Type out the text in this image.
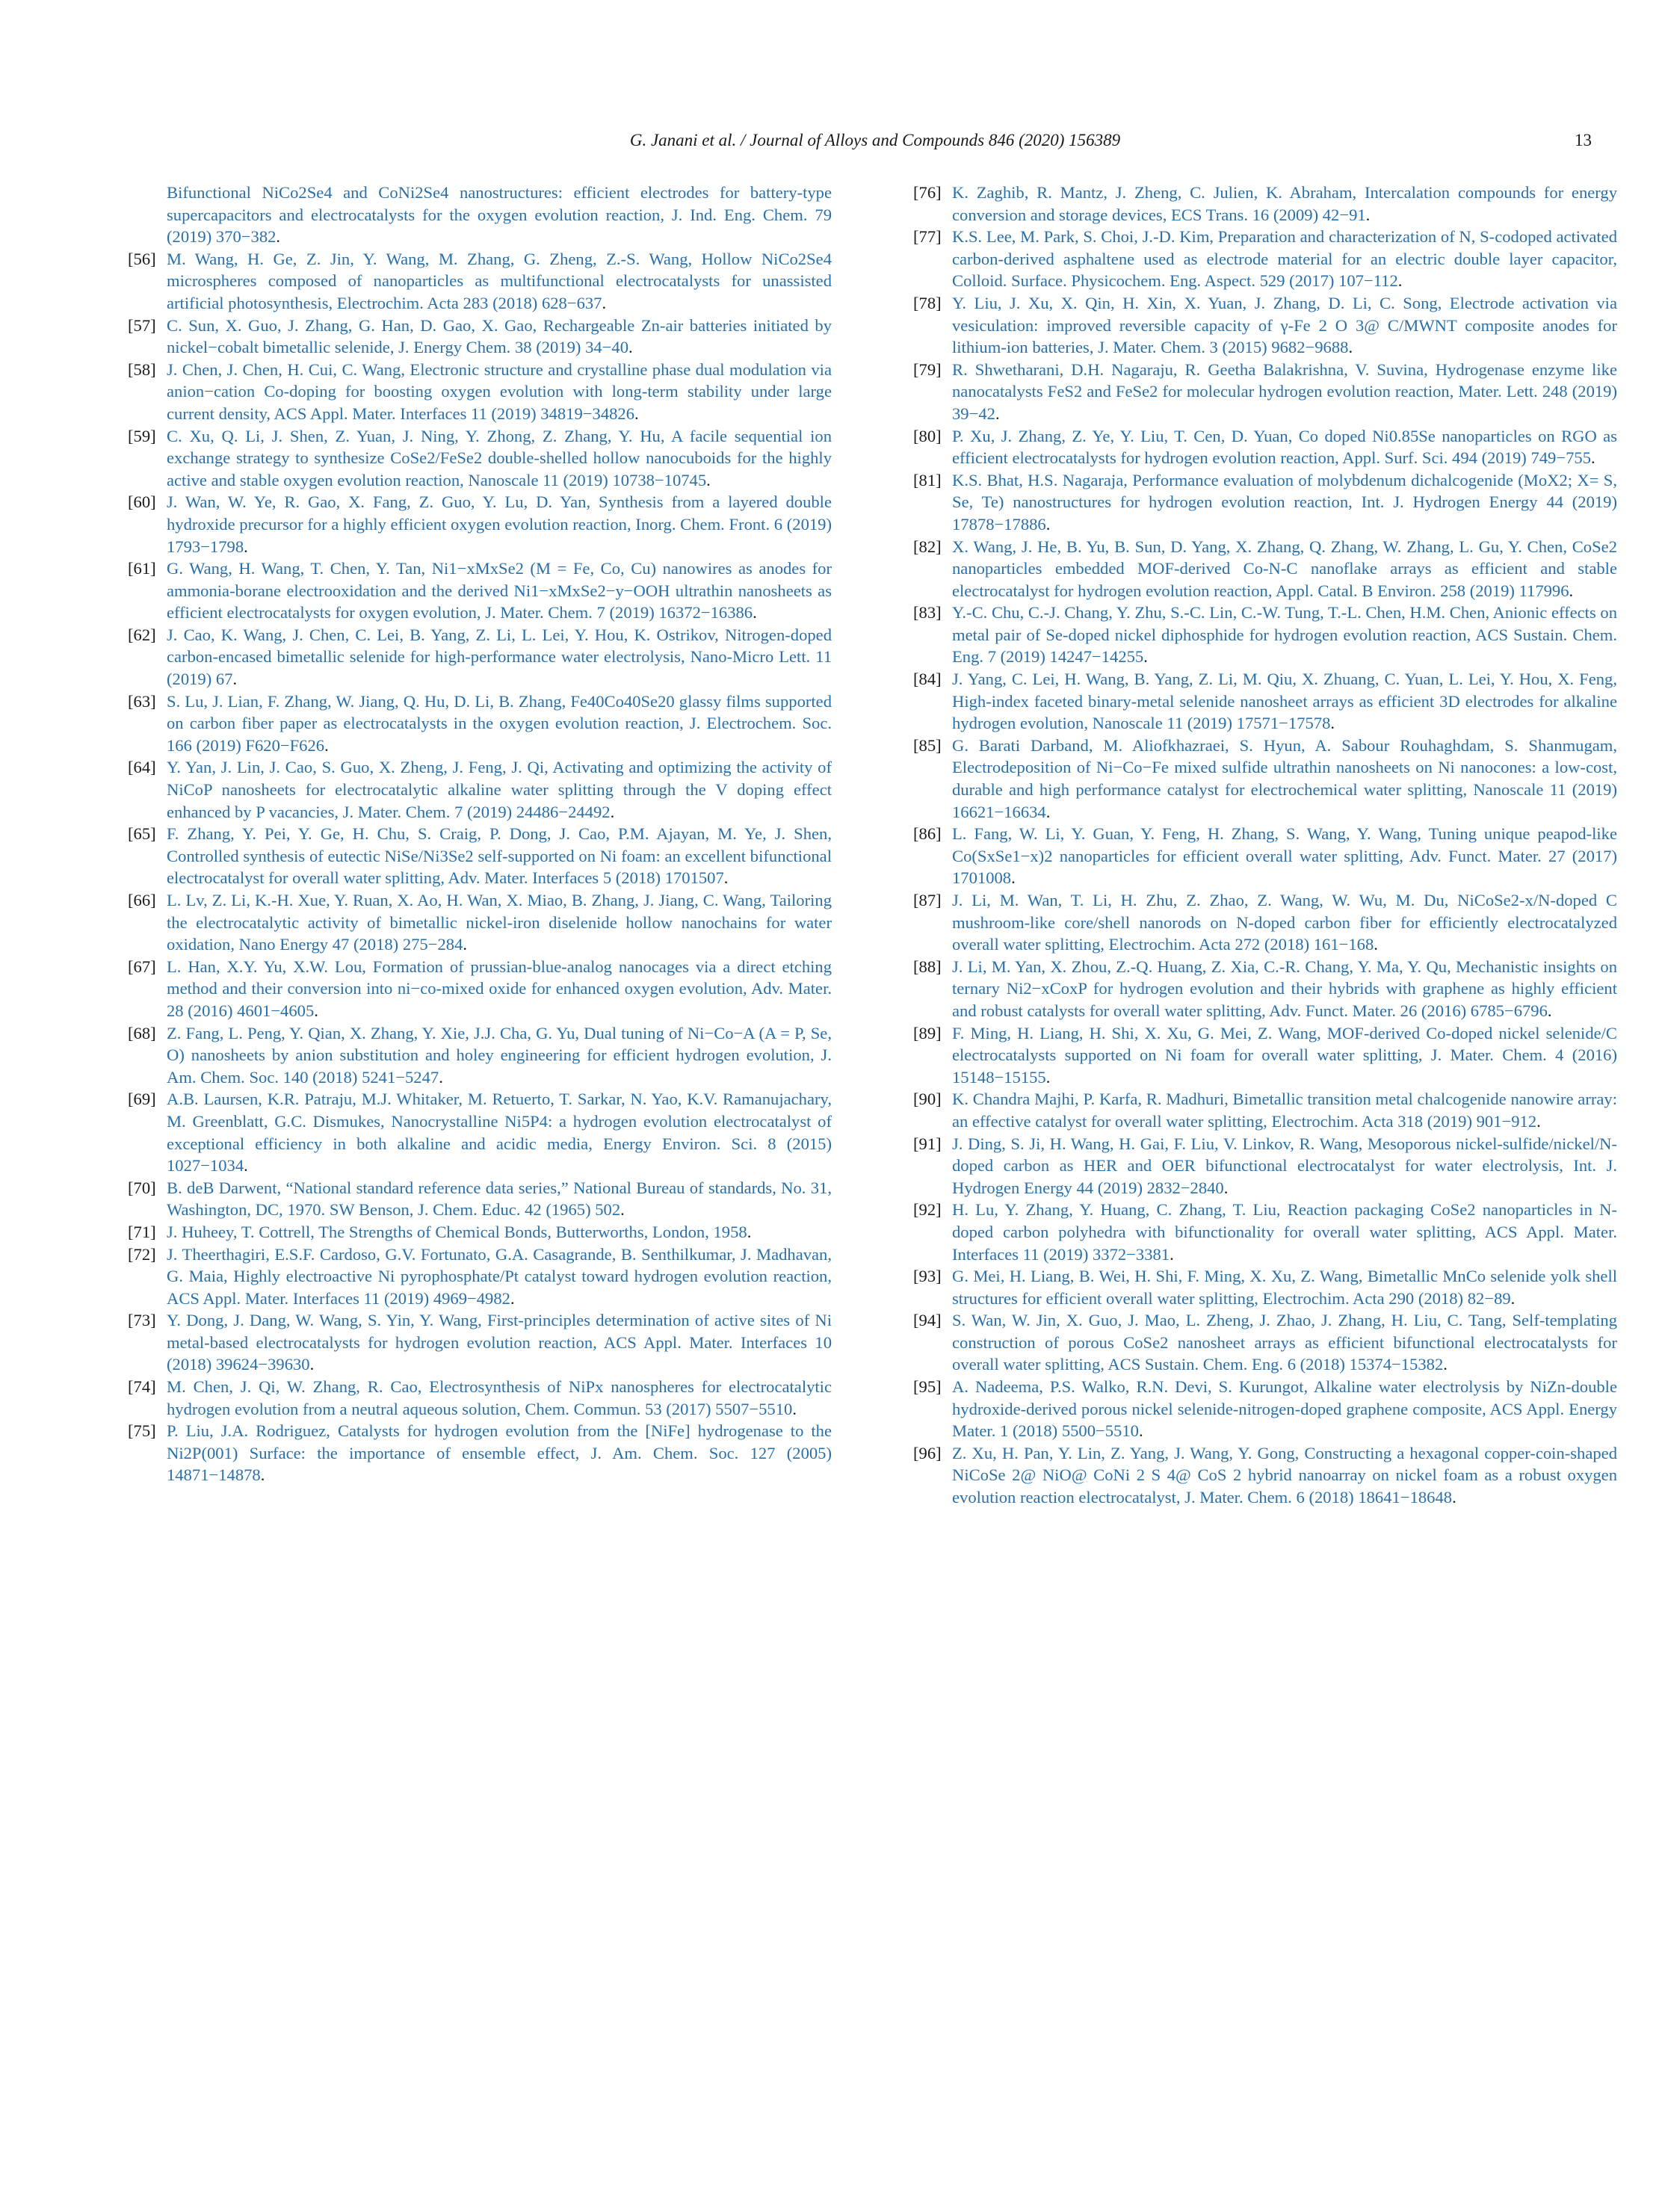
G. Janani et al. / Journal of Alloys and Compounds 846 (2020) 156389	13
Bifunctional NiCo2Se4 and CoNi2Se4 nanostructures: efficient electrodes for battery-type supercapacitors and electrocatalysts for the oxygen evolution reaction, J. Ind. Eng. Chem. 79 (2019) 370−382.
[56] M. Wang, H. Ge, Z. Jin, Y. Wang, M. Zhang, G. Zheng, Z.-S. Wang, Hollow NiCo2Se4 microspheres composed of nanoparticles as multifunctional electrocatalysts for unassisted artificial photosynthesis, Electrochim. Acta 283 (2018) 628−637.
[57] C. Sun, X. Guo, J. Zhang, G. Han, D. Gao, X. Gao, Rechargeable Zn-air batteries initiated by nickel−cobalt bimetallic selenide, J. Energy Chem. 38 (2019) 34−40.
[58] J. Chen, J. Chen, H. Cui, C. Wang, Electronic structure and crystalline phase dual modulation via anion−cation Co-doping for boosting oxygen evolution with long-term stability under large current density, ACS Appl. Mater. Interfaces 11 (2019) 34819−34826.
[59] C. Xu, Q. Li, J. Shen, Z. Yuan, J. Ning, Y. Zhong, Z. Zhang, Y. Hu, A facile sequential ion exchange strategy to synthesize CoSe2/FeSe2 double-shelled hollow nanocuboids for the highly active and stable oxygen evolution reaction, Nanoscale 11 (2019) 10738−10745.
[60] J. Wan, W. Ye, R. Gao, X. Fang, Z. Guo, Y. Lu, D. Yan, Synthesis from a layered double hydroxide precursor for a highly efficient oxygen evolution reaction, Inorg. Chem. Front. 6 (2019) 1793−1798.
[61] G. Wang, H. Wang, T. Chen, Y. Tan, Ni1−xMxSe2 (M = Fe, Co, Cu) nanowires as anodes for ammonia-borane electrooxidation and the derived Ni1−xMxSe2−y−OOH ultrathin nanosheets as efficient electrocatalysts for oxygen evolution, J. Mater. Chem. 7 (2019) 16372−16386.
[62] J. Cao, K. Wang, J. Chen, C. Lei, B. Yang, Z. Li, L. Lei, Y. Hou, K. Ostrikov, Nitrogen-doped carbon-encased bimetallic selenide for high-performance water electrolysis, Nano-Micro Lett. 11 (2019) 67.
[63] S. Lu, J. Lian, F. Zhang, W. Jiang, Q. Hu, D. Li, B. Zhang, Fe40Co40Se20 glassy films supported on carbon fiber paper as electrocatalysts in the oxygen evolution reaction, J. Electrochem. Soc. 166 (2019) F620−F626.
[64] Y. Yan, J. Lin, J. Cao, S. Guo, X. Zheng, J. Feng, J. Qi, Activating and optimizing the activity of NiCoP nanosheets for electrocatalytic alkaline water splitting through the V doping effect enhanced by P vacancies, J. Mater. Chem. 7 (2019) 24486−24492.
[65] F. Zhang, Y. Pei, Y. Ge, H. Chu, S. Craig, P. Dong, J. Cao, P.M. Ajayan, M. Ye, J. Shen, Controlled synthesis of eutectic NiSe/Ni3Se2 self-supported on Ni foam: an excellent bifunctional electrocatalyst for overall water splitting, Adv. Mater. Interfaces 5 (2018) 1701507.
[66] L. Lv, Z. Li, K.-H. Xue, Y. Ruan, X. Ao, H. Wan, X. Miao, B. Zhang, J. Jiang, C. Wang, Tailoring the electrocatalytic activity of bimetallic nickel-iron diselenide hollow nanochains for water oxidation, Nano Energy 47 (2018) 275−284.
[67] L. Han, X.Y. Yu, X.W. Lou, Formation of prussian-blue-analog nanocages via a direct etching method and their conversion into ni−co-mixed oxide for enhanced oxygen evolution, Adv. Mater. 28 (2016) 4601−4605.
[68] Z. Fang, L. Peng, Y. Qian, X. Zhang, Y. Xie, J.J. Cha, G. Yu, Dual tuning of Ni−Co−A (A = P, Se, O) nanosheets by anion substitution and holey engineering for efficient hydrogen evolution, J. Am. Chem. Soc. 140 (2018) 5241−5247.
[69] A.B. Laursen, K.R. Patraju, M.J. Whitaker, M. Retuerto, T. Sarkar, N. Yao, K.V. Ramanujachary, M. Greenblatt, G.C. Dismukes, Nanocrystalline Ni5P4: a hydrogen evolution electrocatalyst of exceptional efficiency in both alkaline and acidic media, Energy Environ. Sci. 8 (2015) 1027−1034.
[70] B. deB Darwent, “National standard reference data series,” National Bureau of standards, No. 31, Washington, DC, 1970. SW Benson, J. Chem. Educ. 42 (1965) 502.
[71] J. Huheey, T. Cottrell, The Strengths of Chemical Bonds, Butterworths, London, 1958.
[72] J. Theerthagiri, E.S.F. Cardoso, G.V. Fortunato, G.A. Casagrande, B. Senthilkumar, J. Madhavan, G. Maia, Highly electroactive Ni pyrophosphate/Pt catalyst toward hydrogen evolution reaction, ACS Appl. Mater. Interfaces 11 (2019) 4969−4982.
[73] Y. Dong, J. Dang, W. Wang, S. Yin, Y. Wang, First-principles determination of active sites of Ni metal-based electrocatalysts for hydrogen evolution reaction, ACS Appl. Mater. Interfaces 10 (2018) 39624−39630.
[74] M. Chen, J. Qi, W. Zhang, R. Cao, Electrosynthesis of NiPx nanospheres for electrocatalytic hydrogen evolution from a neutral aqueous solution, Chem. Commun. 53 (2017) 5507−5510.
[75] P. Liu, J.A. Rodriguez, Catalysts for hydrogen evolution from the [NiFe] hydrogenase to the Ni2P(001) Surface: the importance of ensemble effect, J. Am. Chem. Soc. 127 (2005) 14871−14878.
[76] K. Zaghib, R. Mantz, J. Zheng, C. Julien, K. Abraham, Intercalation compounds for energy conversion and storage devices, ECS Trans. 16 (2009) 42−91.
[77] K.S. Lee, M. Park, S. Choi, J.-D. Kim, Preparation and characterization of N, S-codoped activated carbon-derived asphaltene used as electrode material for an electric double layer capacitor, Colloid. Surface. Physicochem. Eng. Aspect. 529 (2017) 107−112.
[78] Y. Liu, J. Xu, X. Qin, H. Xin, X. Yuan, J. Zhang, D. Li, C. Song, Electrode activation via vesiculation: improved reversible capacity of γ-Fe 2 O 3@ C/MWNT composite anodes for lithium-ion batteries, J. Mater. Chem. 3 (2015) 9682−9688.
[79] R. Shwetharani, D.H. Nagaraju, R. Geetha Balakrishna, V. Suvina, Hydrogenase enzyme like nanocatalysts FeS2 and FeSe2 for molecular hydrogen evolution reaction, Mater. Lett. 248 (2019) 39−42.
[80] P. Xu, J. Zhang, Z. Ye, Y. Liu, T. Cen, D. Yuan, Co doped Ni0.85Se nanoparticles on RGO as efficient electrocatalysts for hydrogen evolution reaction, Appl. Surf. Sci. 494 (2019) 749−755.
[81] K.S. Bhat, H.S. Nagaraja, Performance evaluation of molybdenum dichalcogenide (MoX2; X= S, Se, Te) nanostructures for hydrogen evolution reaction, Int. J. Hydrogen Energy 44 (2019) 17878−17886.
[82] X. Wang, J. He, B. Yu, B. Sun, D. Yang, X. Zhang, Q. Zhang, W. Zhang, L. Gu, Y. Chen, CoSe2 nanoparticles embedded MOF-derived Co-N-C nanoflake arrays as efficient and stable electrocatalyst for hydrogen evolution reaction, Appl. Catal. B Environ. 258 (2019) 117996.
[83] Y.-C. Chu, C.-J. Chang, Y. Zhu, S.-C. Lin, C.-W. Tung, T.-L. Chen, H.M. Chen, Anionic effects on metal pair of Se-doped nickel diphosphide for hydrogen evolution reaction, ACS Sustain. Chem. Eng. 7 (2019) 14247−14255.
[84] J. Yang, C. Lei, H. Wang, B. Yang, Z. Li, M. Qiu, X. Zhuang, C. Yuan, L. Lei, Y. Hou, X. Feng, High-index faceted binary-metal selenide nanosheet arrays as efficient 3D electrodes for alkaline hydrogen evolution, Nanoscale 11 (2019) 17571−17578.
[85] G. Barati Darband, M. Aliofkhazraei, S. Hyun, A. Sabour Rouhaghdam, S. Shanmugam, Electrodeposition of Ni−Co−Fe mixed sulfide ultrathin nanosheets on Ni nanocones: a low-cost, durable and high performance catalyst for electrochemical water splitting, Nanoscale 11 (2019) 16621−16634.
[86] L. Fang, W. Li, Y. Guan, Y. Feng, H. Zhang, S. Wang, Y. Wang, Tuning unique peapod-like Co(SxSe1−x)2 nanoparticles for efficient overall water splitting, Adv. Funct. Mater. 27 (2017) 1701008.
[87] J. Li, M. Wan, T. Li, H. Zhu, Z. Zhao, Z. Wang, W. Wu, M. Du, NiCoSe2-x/N-doped C mushroom-like core/shell nanorods on N-doped carbon fiber for efficiently electrocatalyzed overall water splitting, Electrochim. Acta 272 (2018) 161−168.
[88] J. Li, M. Yan, X. Zhou, Z.-Q. Huang, Z. Xia, C.-R. Chang, Y. Ma, Y. Qu, Mechanistic insights on ternary Ni2−xCoxP for hydrogen evolution and their hybrids with graphene as highly efficient and robust catalysts for overall water splitting, Adv. Funct. Mater. 26 (2016) 6785−6796.
[89] F. Ming, H. Liang, H. Shi, X. Xu, G. Mei, Z. Wang, MOF-derived Co-doped nickel selenide/C electrocatalysts supported on Ni foam for overall water splitting, J. Mater. Chem. 4 (2016) 15148−15155.
[90] K. Chandra Majhi, P. Karfa, R. Madhuri, Bimetallic transition metal chalcogenide nanowire array: an effective catalyst for overall water splitting, Electrochim. Acta 318 (2019) 901−912.
[91] J. Ding, S. Ji, H. Wang, H. Gai, F. Liu, V. Linkov, R. Wang, Mesoporous nickel-sulfide/nickel/N-doped carbon as HER and OER bifunctional electrocatalyst for water electrolysis, Int. J. Hydrogen Energy 44 (2019) 2832−2840.
[92] H. Lu, Y. Zhang, Y. Huang, C. Zhang, T. Liu, Reaction packaging CoSe2 nanoparticles in N-doped carbon polyhedra with bifunctionality for overall water splitting, ACS Appl. Mater. Interfaces 11 (2019) 3372−3381.
[93] G. Mei, H. Liang, B. Wei, H. Shi, F. Ming, X. Xu, Z. Wang, Bimetallic MnCo selenide yolk shell structures for efficient overall water splitting, Electrochim. Acta 290 (2018) 82−89.
[94] S. Wan, W. Jin, X. Guo, J. Mao, L. Zheng, J. Zhao, J. Zhang, H. Liu, C. Tang, Self-templating construction of porous CoSe2 nanosheet arrays as efficient bifunctional electrocatalysts for overall water splitting, ACS Sustain. Chem. Eng. 6 (2018) 15374−15382.
[95] A. Nadeema, P.S. Walko, R.N. Devi, S. Kurungot, Alkaline water electrolysis by NiZn-double hydroxide-derived porous nickel selenide-nitrogen-doped graphene composite, ACS Appl. Energy Mater. 1 (2018) 5500−5510.
[96] Z. Xu, H. Pan, Y. Lin, Z. Yang, J. Wang, Y. Gong, Constructing a hexagonal copper-coin-shaped NiCoSe 2@ NiO@ CoNi 2 S 4@ CoS 2 hybrid nanoarray on nickel foam as a robust oxygen evolution reaction electrocatalyst, J. Mater. Chem. 6 (2018) 18641−18648.
